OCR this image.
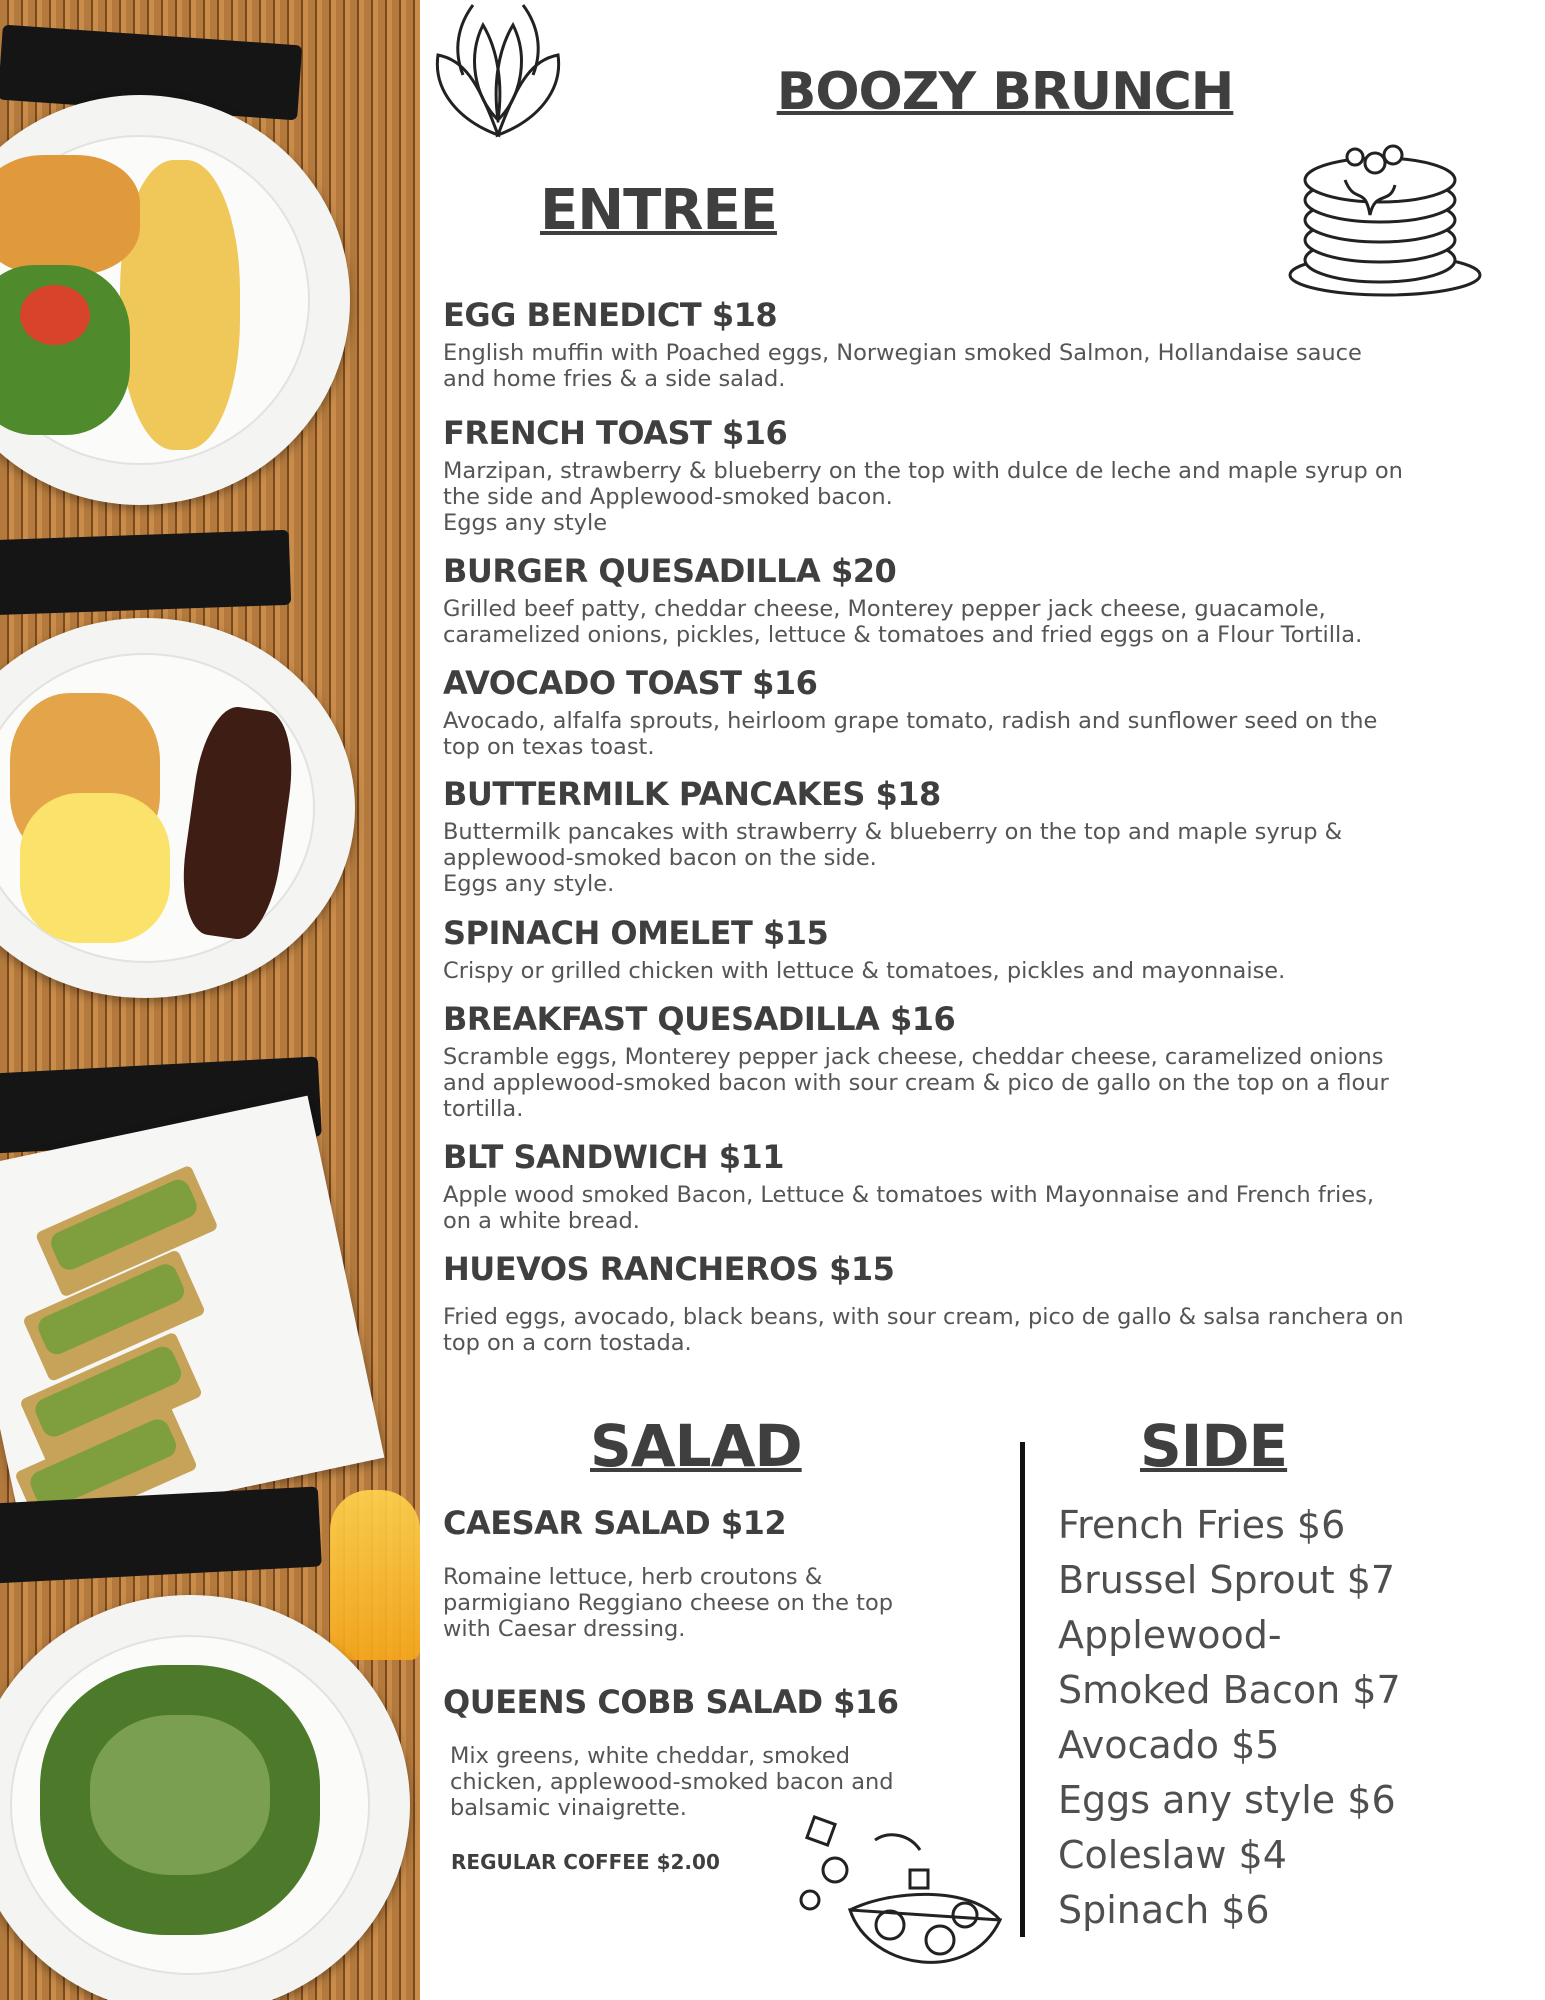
BOOZY BRUNCH
ENTREE
EGG BENEDICT $18
English muffin with Poached eggs, Norwegian smoked Salmon, Hollandaise sauce
and home fries & a side salad.
FRENCH TOAST $16
Marzipan, strawberry & blueberry on the top with dulce de leche and maple syrup on
the side and Applewood-smoked bacon.
Eggs any style
BURGER QUESADILLA $20
Grilled beef patty, cheddar cheese, Monterey pepper jack cheese, guacamole,
caramelized onions, pickles, lettuce & tomatoes and fried eggs on a Flour Tortilla.
AVOCADO TOAST $16
Avocado, alfalfa sprouts, heirloom grape tomato, radish and sunflower seed on the
top on texas toast.
BUTTERMILK PANCAKES $18
Buttermilk pancakes with strawberry & blueberry on the top and maple syrup &
applewood-smoked bacon on the side.
Eggs any style.
SPINACH OMELET $15
Crispy or grilled chicken with lettuce & tomatoes, pickles and mayonnaise.
BREAKFAST QUESADILLA $16
Scramble eggs, Monterey pepper jack cheese, cheddar cheese, caramelized onions
and applewood-smoked bacon with sour cream & pico de gallo on the top on a flour
tortilla.
BLT SANDWICH $11
Apple wood smoked Bacon, Lettuce & tomatoes with Mayonnaise and French fries,
on a white bread.
HUEVOS RANCHEROS $15
Fried eggs, avocado, black beans, with sour cream, pico de gallo & salsa ranchera on
top on a corn tostada.
SALAD
CAESAR SALAD $12
Romaine lettuce, herb croutons &
parmigiano Reggiano cheese on the top
with Caesar dressing.
QUEENS COBB SALAD $16
Mix greens, white cheddar, smoked
chicken, applewood-smoked bacon and
balsamic vinaigrette.
REGULAR COFFEE $2.00
SIDE
French Fries $6
Brussel Sprout $7
Applewood-
Smoked Bacon $7
Avocado $5
Eggs any style $6
Coleslaw $4
Spinach $6
